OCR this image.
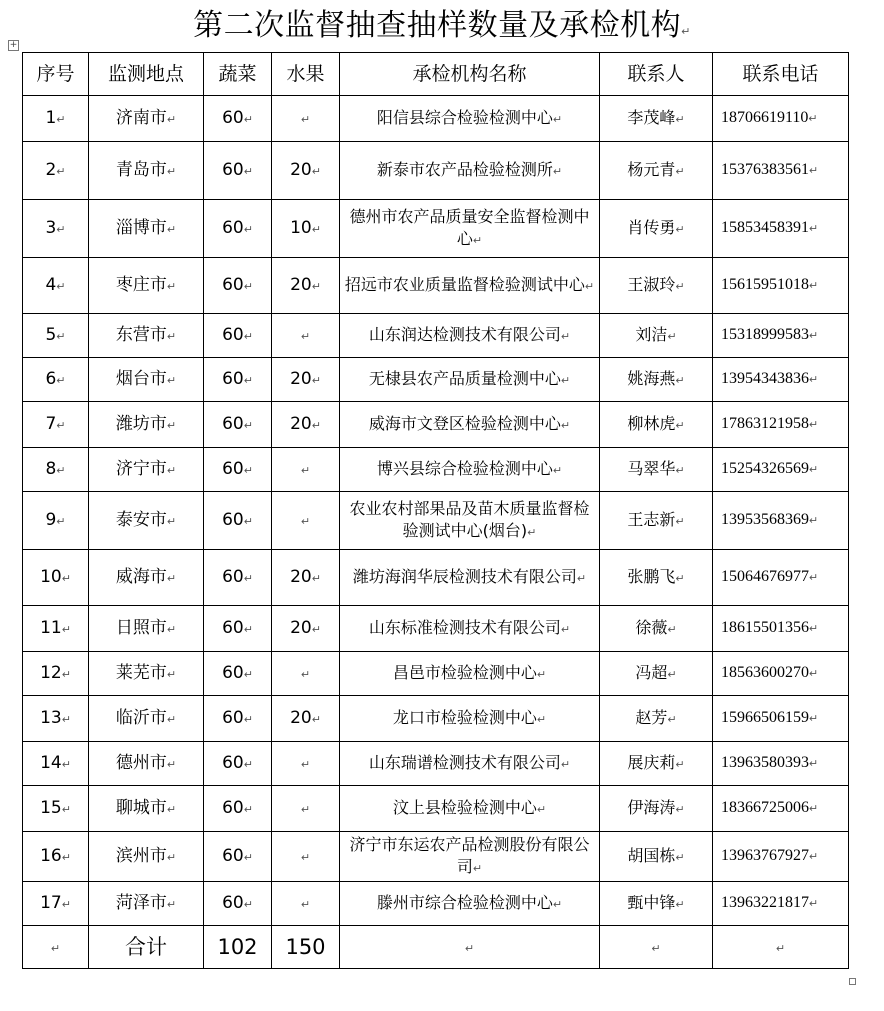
第二次监督抽查抽样数量及承检机构↵
+
序号	监测地点	蔬菜	水果	承检机构名称	联系人	联系电话
1↵	济南市↵	60↵	↵	阳信县综合检验检测中心↵	李茂峰↵	18706619110↵
2↵	青岛市↵	60↵	20↵	新泰市农产品检验检测所↵	杨元青↵	15376383561↵
3↵	淄博市↵	60↵	10↵	德州市农产品质量安全监督检测中心↵	肖传勇↵	15853458391↵
4↵	枣庄市↵	60↵	20↵	招远市农业质量监督检验测试中心↵	王淑玲↵	15615951018↵
5↵	东营市↵	60↵	↵	山东润达检测技术有限公司↵	刘洁↵	15318999583↵
6↵	烟台市↵	60↵	20↵	无棣县农产品质量检测中心↵	姚海燕↵	13954343836↵
7↵	潍坊市↵	60↵	20↵	威海市文登区检验检测中心↵	柳林虎↵	17863121958↵
8↵	济宁市↵	60↵	↵	博兴县综合检验检测中心↵	马翠华↵	15254326569↵
9↵	泰安市↵	60↵	↵	农业农村部果品及苗木质量监督检验测试中心(烟台)↵	王志新↵	13953568369↵
10↵	威海市↵	60↵	20↵	潍坊海润华辰检测技术有限公司↵	张鹏飞↵	15064676977↵
11↵	日照市↵	60↵	20↵	山东标准检测技术有限公司↵	徐薇↵	18615501356↵
12↵	莱芜市↵	60↵	↵	昌邑市检验检测中心↵	冯超↵	18563600270↵
13↵	临沂市↵	60↵	20↵	龙口市检验检测中心↵	赵芳↵	15966506159↵
14↵	德州市↵	60↵	↵	山东瑞谱检测技术有限公司↵	展庆莉↵	13963580393↵
15↵	聊城市↵	60↵	↵	汶上县检验检测中心↵	伊海涛↵	18366725006↵
16↵	滨州市↵	60↵	↵	济宁市东运农产品检测股份有限公司↵	胡国栋↵	13963767927↵
17↵	菏泽市↵	60↵	↵	滕州市综合检验检测中心↵	甄中锋↵	13963221817↵
↵	合计	102	150	↵	↵	↵
